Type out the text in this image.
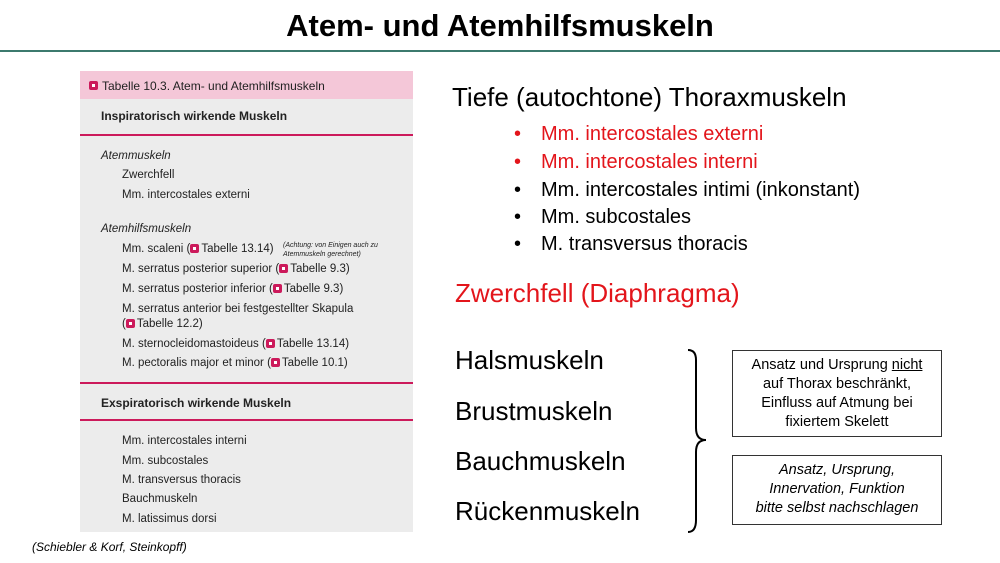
Atem- und Atemhilfsmuskeln
Tabelle 10.3. Atem- und Atemhilfsmuskeln
Inspiratorisch wirkende Muskeln
Atemmuskeln
Zwerchfell
Mm. intercostales externi
Atemhilfsmuskeln
Mm. scaleni ( Tabelle 13.14) (Achtung: von Einigen auch zu Atemmuskeln gerechnet)
M. serratus posterior superior ( Tabelle 9.3)
M. serratus posterior inferior ( Tabelle 9.3)
M. serratus anterior bei festgestellter Skapula
( Tabelle 12.2)
M. sternocleidomastoideus ( Tabelle 13.14)
M. pectoralis major et minor ( Tabelle 10.1)
Exspiratorisch wirkende Muskeln
Mm. intercostales interni
Mm. subcostales
M. transversus thoracis
Bauchmuskeln
M. latissimus dorsi
(Schiebler & Korf, Steinkopff)
Tiefe (autochtone) Thoraxmuskeln
• Mm. intercostales externi
• Mm. intercostales interni
• Mm. intercostales intimi (inkonstant)
• Mm. subcostales
• M. transversus thoracis
Zwerchfell (Diaphragma)
Halsmuskeln
Brustmuskeln
Bauchmuskeln
Rückenmuskeln
Ansatz und Ursprung nicht
auf Thorax beschränkt,
Einfluss auf Atmung bei
fixiertem Skelett
Ansatz, Ursprung,
Innervation, Funktion
bitte selbst nachschlagen
